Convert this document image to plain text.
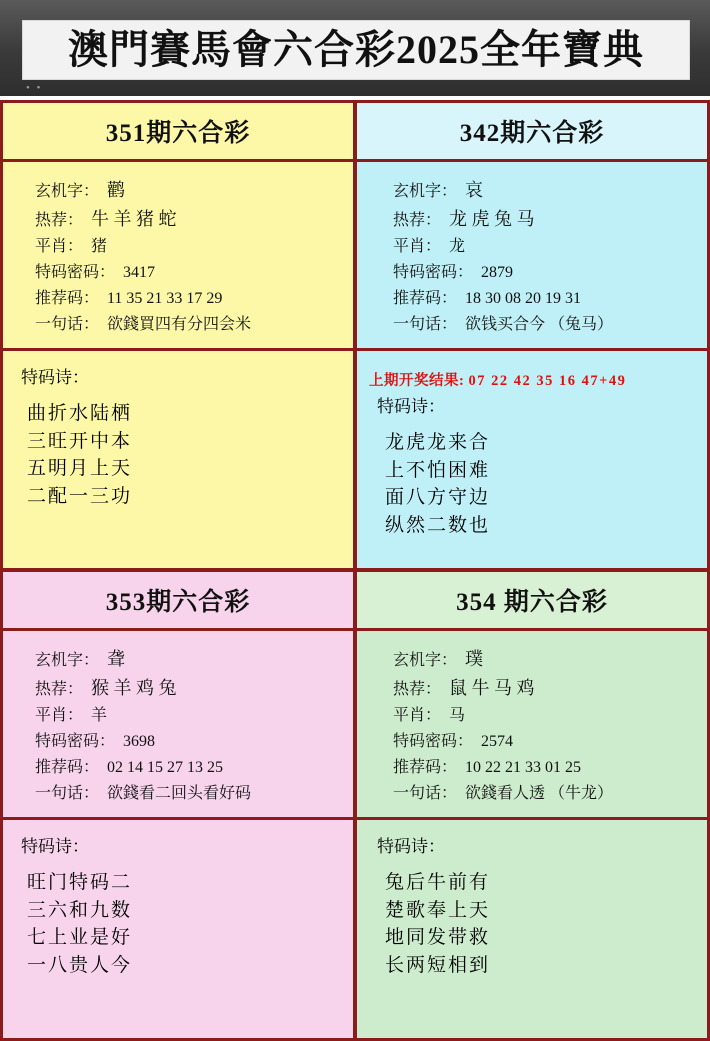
澳門賽馬會六合彩2025全年寶典
• •
351期六合彩
玄机字： 鹳
热荐： 牛 羊 猪 蛇
平肖： 猪
特码密码： 3417
推荐码： 11 35 21 33 17 29
一句话： 欲錢買四有分四会米
特码诗：
曲折水陆栖
三旺开中本
五明月上天
二配一三功
342期六合彩
玄机字： 哀
热荐： 龙 虎 兔 马
平肖： 龙
特码密码： 2879
推荐码： 18 30 08 20 19 31
一句话： 欲钱买合今 （兔马）
上期开奖结果: 07 22 42 35 16 47+49
特码诗：
龙虎龙来合
上不怕困难
面八方守边
纵然二数也
353期六合彩
玄机字： 聋
热荐： 猴 羊 鸡 兔
平肖： 羊
特码密码： 3698
推荐码： 02 14 15 27 13 25
一句话： 欲錢看二回头看好码
特码诗：
旺门特码二
三六和九数
七上业是好
一八贵人今
354 期六合彩
玄机字： 璞
热荐： 鼠 牛 马 鸡
平肖： 马
特码密码： 2574
推荐码： 10 22 21 33 01 25
一句话： 欲錢看人透 （牛龙）
特码诗：
兔后牛前有
楚歌奉上天
地同发带救
长两短相到
